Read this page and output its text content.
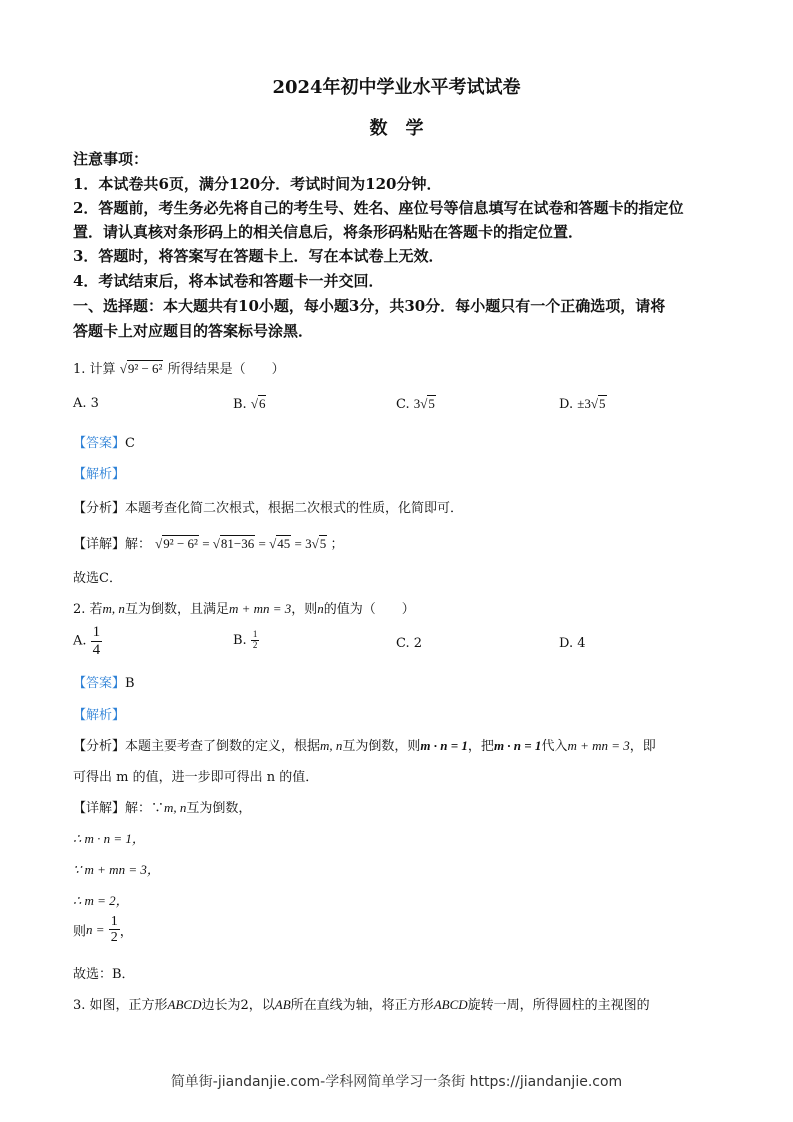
2024年初中学业水平考试试卷
数　学
注意事项：
1．本试卷共6页，满分120分．考试时间为120分钟．
2．答题前，考生务必先将自己的考生号、姓名、座位号等信息填写在试卷和答题卡的指定位
置．请认真核对条形码上的相关信息后，将条形码粘贴在答题卡的指定位置．
3．答题时，将答案写在答题卡上．写在本试卷上无效．
4．考试结束后，将本试卷和答题卡一并交回．
一、选择题：本大题共有10小题，每小题3分，共30分．每小题只有一个正确选项，请将
答题卡上对应题目的答案标号涂黑．
1. 计算 √9² − 6² 所得结果是（　　）
A. 3	B. √6	C. 3√5	D. ±3√5
【答案】C
【解析】
【分析】本题考查化简二次根式，根据二次根式的性质，化简即可．
【详解】解： √9² − 6² = √81−36 = √45 = 3√5 ；
故选C．
2. 若m, n互为倒数，且满足m + mn = 3，则n的值为（　　）
A. $\frac{1}{4}$	B. $\frac{1}{2}$	C. 2	D. 4
【答案】B
【解析】
【分析】本题主要考查了倒数的定义，根据m, n互为倒数，则m · n = 1，把m · n = 1代入m + mn = 3，即
可得出 m 的值，进一步即可得出 n 的值．
【详解】解：∵m, n互为倒数，
∴ m · n = 1，
∵ m + mn = 3，
∴ m = 2，
则$n = \frac{1}{2}$ ，
故选：B．
3. 如图，正方形ABCD边长为2，以AB所在直线为轴，将正方形ABCD旋转一周，所得圆柱的主视图的
简单街-jiandanjie.com-学科网简单学习一条街 https://jiandanjie.com
